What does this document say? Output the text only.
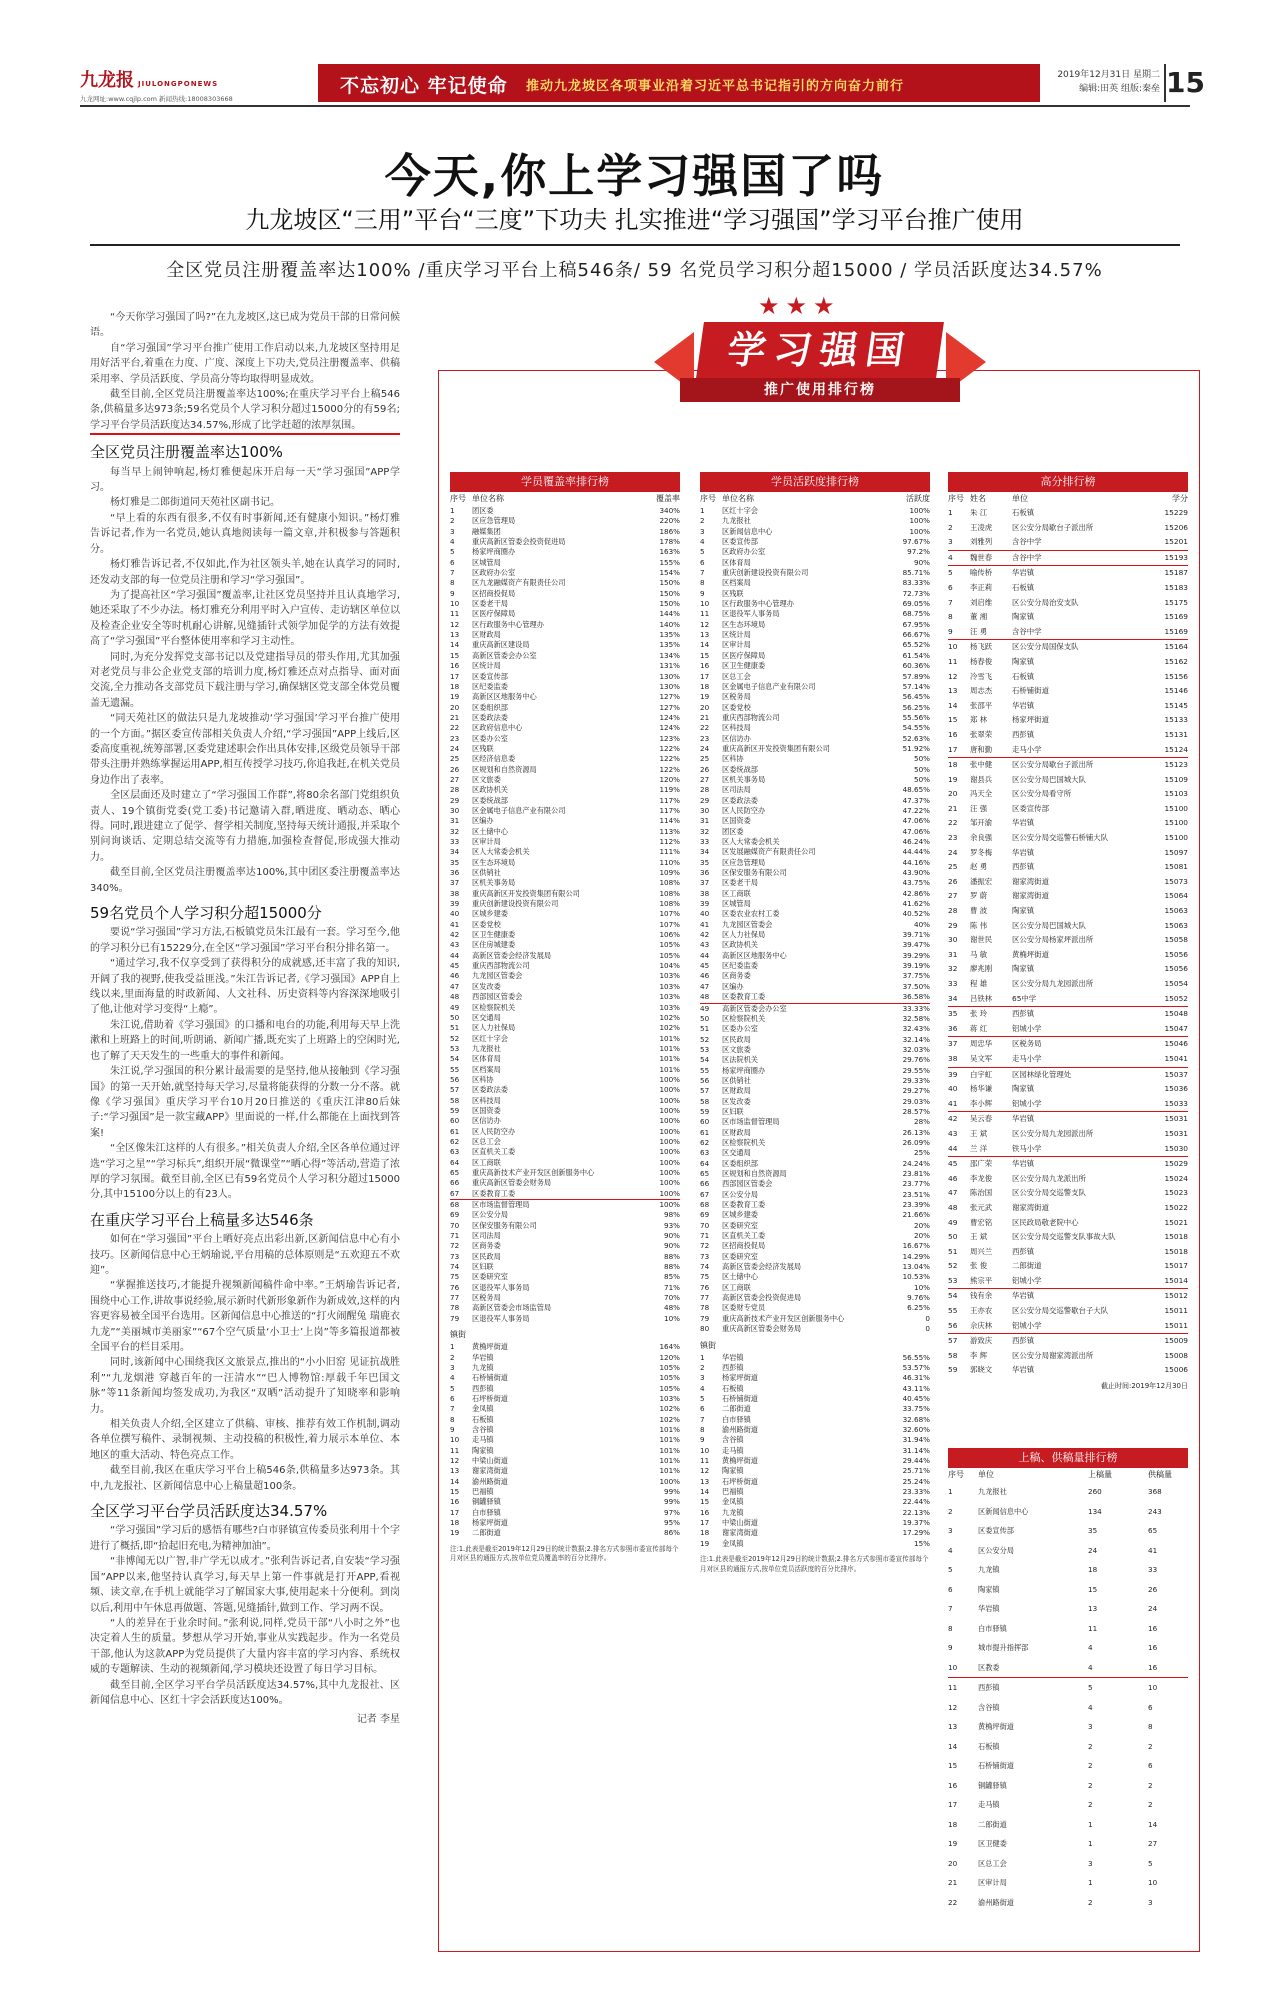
九龙报 JIULONGPONEWS
九龙网址:www.cqjlp.com 新闻热线:18008303668
不忘初心 牢记使命 推动九龙坡区各项事业沿着习近平总书记指引的方向奋力前行
2019年12月31日 星期二
编辑:田英 组版:秦垒 15
今天,你上学习强国了吗
九龙坡区“三用”平台“三度”下功夫 扎实推进“学习强国”学习平台推广使用
全区党员注册覆盖率达100% /重庆学习平台上稿546条/ 59 名党员学习积分超15000 / 学员活跃度达34.57%

“今天你学习强国了吗?”在九龙坡区,这已成为党员干部的日常问候语。

自“学习强国”学习平台推广使用工作启动以来,九龙坡区坚持用足用好活平台,着重在力度、广度、深度上下功夫,党员注册覆盖率、供稿采用率、学员活跃度、学员高分等均取得明显成效。

截至目前,全区党员注册覆盖率达100%;在重庆学习平台上稿546条,供稿量多达973条;59名党员个人学习积分超过15000分的有59名;学习平台学员活跃度达34.57%,形成了比学赶超的浓厚氛围。

全区党员注册覆盖率达100%

每当早上闹钟响起,杨灯雅便起床开启每一天“学习强国”APP学习。

杨灯雅是二郎街道同天苑社区副书记。

“早上看的东西有很多,不仅有时事新闻,还有健康小知识。”杨灯雅告诉记者,作为一名党员,她认真地阅读每一篇文章,并积极参与答题积分。

杨灯雅告诉记者,不仅如此,作为社区领头羊,她在认真学习的同时,还发动支部的每一位党员注册和学习“学习强国”。

为了提高社区“学习强国”覆盖率,让社区党员坚持并且认真地学习,她还采取了不少办法。杨灯雅充分利用平时入户宣传、走访辖区单位以及检查企业安全等时机耐心讲解,见缝插针式领学加促学的方法有效提高了“学习强国”平台整体使用率和学习主动性。

同时,为充分发挥党支部书记以及党建指导员的带头作用,尤其加强对老党员与非公企业党支部的培训力度,杨灯雅还点对点指导、面对面交流,全力推动各支部党员下载注册与学习,确保辖区党支部全体党员覆盖无遗漏。

“同天苑社区的做法只是九龙坡推动‘学习强国’学习平台推广使用的一个方面。”据区委宣传部相关负责人介绍,“学习强国”APP上线后,区委高度重视,统筹部署,区委党建述职会作出具体安排,区级党员领导干部带头注册并熟练掌握运用APP,相互传授学习技巧,你追我赶,在机关党员身边作出了表率。

全区层面还及时建立了“学习强国工作群”,将80余名部门党组织负责人、19个镇街党委(党工委)书记邀请入群,晒进度、晒动态、晒心得。同时,跟进建立了促学、督学相关制度,坚持每天统计通报,并采取个别问询谈话、定期总结交流等有力措施,加强检查督促,形成强大推动力。

截至目前,全区党员注册覆盖率达100%,其中团区委注册覆盖率达340%。

59名党员个人学习积分超15000分

要说“学习强国”学习方法,石板镇党员朱江最有一套。学习至今,他的学习积分已有15229分,在全区“学习强国”学习平台积分排名第一。

“通过学习,我不仅享受到了获得积分的成就感,还丰富了我的知识,开阔了我的视野,使我受益匪浅。”朱江告诉记者,《学习强国》APP自上线以来,里面海量的时政新闻、人文社科、历史资料等内容深深地吸引了他,让他对学习变得“上瘾”。

朱江说,借助着《学习强国》的口播和电台的功能,利用每天早上洗漱和上班路上的时间,听朗诵、新闻广播,既充实了上班路上的空闲时光,也了解了天天发生的一些重大的事件和新闻。

朱江说,学习强国的积分累计最需要的是坚持,他从接触到《学习强国》的第一天开始,就坚持每天学习,尽量将能获得的分数一分不落。就像《学习强国》重庆学习平台10月20日推送的《重庆江津80后妹子:“学习强国”是一款宝藏APP》里面说的一样,什么都能在上面找到答案!

“全区像朱江这样的人有很多。”相关负责人介绍,全区各单位通过评选“学习之星”“学习标兵”,组织开展“微课堂”“晒心得”等活动,营造了浓厚的学习氛围。截至目前,全区已有59名党员个人学习积分超过15000分,其中15100分以上的有23人。

在重庆学习平台上稿量多达546条

如何在“学习强国”平台上晒好亮点出彩出新,区新闻信息中心有小技巧。区新闻信息中心王炳瑜说,平台用稿的总体原则是“五欢迎五不欢迎”。

“掌握推送技巧,才能提升视频新闻稿件命中率。”王炳瑜告诉记者,围绕中心工作,讲故事说经验,展示新时代新形象新作为新成效,这样的内容更容易被全国平台选用。区新闻信息中心推送的“打火闹醒兔 瑞鹿衣九龙”“美丽城市美丽家”“67个空气质量‘小卫士’上岗”等多篇报道都被全国平台的栏目采用。

同时,该新闻中心围绕我区文旅景点,推出的“小小旧窑 见证抗战胜利”“九龙烟港 穿越百年的一汪清水”“巴人博物馆:厚载千年巴国文脉”等11条新闻均签发成功,为我区“双晒”活动提升了知晓率和影响力。

相关负责人介绍,全区建立了供稿、审核、推荐有效工作机制,调动各单位撰写稿件、录制视频、主动投稿的积极性,着力展示本单位、本地区的重大活动、特色亮点工作。

截至目前,我区在重庆学习平台上稿546条,供稿量多达973条。其中,九龙报社、区新闻信息中心上稿量超100条。

全区学习平台学员活跃度达34.57%

“学习强国”学习后的感悟有哪些?白市驿镇宣传委员张利用十个字进行了概括,即“拾起旧充电,为精神加油”。

“非博闻无以广智,非广学无以成才。”张利告诉记者,自安装“学习强国”APP以来,他坚持认真学习,每天早上第一件事就是打开APP,看视频、读文章,在手机上就能学习了解国家大事,使用起来十分便利。到岗以后,利用中午休息再做题、答题,见缝插针,做到工作、学习两不误。

“人的差异在于业余时间。”张利说,同样,党员干部“八小时之外”也决定着人生的质量。梦想从学习开始,事业从实践起步。作为一名党员干部,他认为这款APP为党员提供了大量内容丰富的学习内容、系统权威的专题解读、生动的视频新闻,学习模块还设置了每日学习目标。

截至目前,全区学习平台学员活跃度达34.57%,其中九龙报社、区新闻信息中心、区红十字会活跃度达100%。

记者 李星
★★★
学习强国
推广使用排行榜
学员覆盖率排行榜
序号 单位名称	覆盖率
1	团区委	340%
2	区应急管理局	220%
3	融媒集团	186%
4	重庆高新区管委会投资促进局	178%
5	杨家坪商圈办	163%
6	区城管局	155%
7	区政府办公室	154%
8	区九龙融媒资产有限责任公司	150%
9	区招商投促局	150%
10	区委老干局	150%
11	区医疗保障局	144%
12	区行政服务中心管理办	140%
13	区财政局	135%
14	重庆高新区建设局	135%
15	高新区管委会办公室	134%
16	区统计局	131%
17	区委宣传部	130%
18	区纪委监委	130%
19	高新区区地服务中心	127%
20	区委组织部	127%
21	区委政法委	124%
22	区政府信息中心	124%
23	区委办公室	123%
24	区残联	122%
25	区经济信息委	122%
26	区规划和自然资源局	122%
27	区文旅委	120%
28	区政协机关	119%
29	区委统战部	117%
30	区金属电子信息产业有限公司	117%
31	区编办	114%
32	区土储中心	113%
33	区审计局	112%
34	区人大常委会机关	111%
35	区生态环境局	110%
36	区供销社	109%
37	区机关事务局	108%
38	重庆高新区开发投资集团有限公司	108%
39	重庆创新建设投资有限公司	108%
40	区城乡建委	107%
41	区委党校	107%
42	区卫生健康委	106%
43	区住房城建委	105%
44	高新区管委会经济发展局	105%
45	重庆西部物流公司	104%
46	九龙园区管委会	103%
47	区发改委	103%
48	西部园区管委会	103%
49	区检察院机关	103%
50	区交通局	102%
51	区人力社保局	102%
52	区红十字会	101%
53	九龙报社	101%
54	区体育局	101%
55	区档案局	101%
56	区科协	100%
57	区委政法委	100%
58	区科技局	100%
59	区国资委	100%
60	区信访办	100%
61	区人民防空办	100%
62	区总工会	100%
63	区直机关工委	100%
64	区工商联	100%
65	重庆高新技术产业开发区创新服务中心	100%
66	重庆高新区管委会财务局	100%
67	区委教育工委	100%
68	区市场监督管理局	100%
69	区公安分局	98%
70	区保安服务有限公司	93%
71	区司法局	90%
72	区商务委	90%
73	区民政局	88%
74	区妇联	88%
75	区委研究室	85%
76	区退役军人事务局	71%
77	区税务局	70%
78	高新区管委会市场监管局	48%
79	区退役军人事务局	10%
镇街
1	黄桷坪街道	164%
2	华岩镇	120%
3	九龙镇	105%
4	石桥铺街道	105%
5	西彭镇	105%
6	石坪桥街道	103%
7	金凤镇	102%
8	石板镇	102%
9	含谷镇	101%
10	走马镇	101%
11	陶家镇	101%
12	中梁山街道	101%
13	谢家湾街道	101%
14	渝州路街道	100%
15	巴福镇	99%
16	铜罐驿镇	99%
17	白市驿镇	97%
18	杨家坪街道	95%
19	二郎街道	86%
注:1.此表是截至2019年12月29日的统计数据;2.排名方式参照市委宣传部每个月对区县的通报方式,按单位党员覆盖率的百分比排序。
学员活跃度排行榜
序号 单位名称	活跃度
1	区红十字会	100%
2	九龙报社	100%
3	区新闻信息中心	100%
4	区委宣传部	97.67%
5	区政府办公室	97.2%
6	区体育局	90%
7	重庆创新建设投资有限公司	85.71%
8	区档案局	83.33%
9	区残联	72.73%
10	区行政服务中心管理办	69.05%
11	区退役军人事务局	68.75%
12	区生态环境局	67.95%
13	区统计局	66.67%
14	区审计局	65.52%
15	区医疗保障局	61.54%
16	区卫生健康委	60.36%
17	区总工会	57.89%
18	区金属电子信息产业有限公司	57.14%
19	区税务局	56.45%
20	区委党校	56.25%
21	重庆西部物流公司	55.56%
22	区科技局	54.55%
23	区信访办	52.63%
24	重庆高新区开发投资集团有限公司	51.92%
25	区科协	50%
26	区委统战部	50%
27	区机关事务局	50%
28	区司法局	48.65%
29	区委政法委	47.37%
30	区人民防空办	47.22%
31	区国资委	47.06%
32	团区委	47.06%
33	区人大常委会机关	46.24%
34	区发展融媒资产有限责任公司	44.44%
35	区应急管理局	44.16%
36	区保安服务有限公司	43.90%
37	区委老干局	43.75%
38	区工商联	42.86%
39	区城管局	41.62%
40	区委农业农村工委	40.52%
41	九龙园区管委会	40%
42	区人力社保局	39.71%
43	区政协机关	39.47%
44	高新区区地服务中心	39.29%
45	区纪委监委	39.19%
46	区商务委	37.75%
47	区编办	37.50%
48	区委教育工委	36.58%
49	高新区管委会办公室	33.33%
50	区检察院机关	32.58%
51	区委办公室	32.43%
52	区民政局	32.14%
53	区文旅委	32.03%
54	区法院机关	29.76%
55	杨家坪商圈办	29.55%
56	区供销社	29.33%
57	区财政局	29.27%
58	区发改委	29.03%
59	区妇联	28.57%
60	区市场监督管理局	28%
61	区财政局	26.13%
62	区检察院机关	26.09%
63	区交通局	25%
64	区委组织部	24.24%
65	区规划和自然资源局	23.81%
66	西部园区管委会	23.77%
67	区公安分局	23.51%
68	区委教育工委	23.39%
69	区城乡建委	21.66%
70	区委研究室	20%
71	区直机关工委	20%
72	区招商投促局	16.67%
73	区委研究室	14.29%
74	高新区管委会经济发展局	13.04%
75	区土储中心	10.53%
76	区工商联	10%
77	高新区管委会投资促进局	9.76%
78	区委财专党员	6.25%
79	重庆高新技术产业开发区创新服务中心	0
80	重庆高新区管委会财务局	0
镇街
1	华岩镇	56.55%
2	西彭镇	53.57%
3	杨家坪街道	46.31%
4	石板镇	43.11%
5	石桥铺街道	40.45%
6	二郎街道	33.75%
7	白市驿镇	32.68%
8	渝州路街道	32.60%
9	含谷镇	31.94%
10	走马镇	31.14%
11	黄桷坪街道	29.44%
12	陶家镇	25.71%
13	石坪桥街道	25.24%
14	巴福镇	23.33%
15	金凤镇	22.44%
16	九龙镇	22.13%
17	中梁山街道	19.37%
18	谢家湾街道	17.29%
19	金凤镇	15%
注:1.此表是截至2019年12月29日的统计数据;2.排名方式参照市委宣传部每个月对区县的通报方式,按单位党员活跃度的百分比排序。
高分排行榜
序号 姓名	单位	学分
1	朱 江	石板镇	15229
2	王凌虎	区公安分局歇台子派出所	15206
3	刘雅列	含谷中学	15201
4	魏世春	含谷中学	15193
5	喻传桥	华岩镇	15187
6	李正莉	石板镇	15183
7	刘启维	区公安分局治安支队	15175
8	董 湘	陶家镇	15169
9	汪 勇	含谷中学	15169
10	杨飞跃	区公安分局国保支队	15164
11	杨春俊	陶家镇	15162
12	冷雪飞	石板镇	15156
13	周志杰	石桥铺街道	15146
14	张邵平	华岩镇	15145
15	郑 林	杨家坪街道	15133
16	张翠荣	西彭镇	15131
17	唐和勤	走马小学	15124
18	张中健	区公安分局歇台子派出所	15123
19	谢县兵	区公安分局巴国城大队	15109
20	冯天全	区公安分局看守所	15103
21	汪 强	区委宣传部	15100
22	邹开渝	华岩镇	15100
23	余良强	区公安分局交巡警石桥铺大队	15100
24	罗冬梅	华岩镇	15097
25	赵 勇	西彭镇	15081
26	潘振宏	谢家湾街道	15073
27	罗 蔚	谢家湾街道	15064
28	曹 波	陶家镇	15063
29	陈 伟	区公安分局巴国城大队	15063
30	谢世民	区公安分局杨家坪派出所	15058
31	马 敏	黄桷坪街道	15056
32	廖兆刚	陶家镇	15056
33	程 雄	区公安分局九龙园派出所	15054
34	吕铁林	65中学	15052
35	张 玲	西彭镇	15048
36	蒋 红	铝城小学	15047
37	周忠华	区税务局	15046
38	吴文军	走马小学	15041
39	白宇虹	区园林绿化管理处	15037
40	杨华谦	陶家镇	15036
41	李小辉	铝城小学	15033
42	吴云春	华岩镇	15031
43	王 斌	区公安分局九龙园派出所	15031
44	兰 洋	铁马小学	15030
45	邵广荣	华岩镇	15029
46	李龙俊	区公安分局九龙派出所	15024
47	陈治国	区公安分局交巡警支队	15023
48	张元武	谢家湾街道	15022
49	曹宏铭	区民政局敬老院中心	15021
50	王 斌	区公安分局交巡警支队事故大队	15018
51	周兴兰	西彭镇	15018
52	张 俊	二郎街道	15017
53	熊宗平	铝城小学	15014
54	钱有余	华岩镇	15012
55	王亦农	区公安分局交巡警歇台子大队	15011
56	佘庆林	铝城小学	15011
57	游致庆	西彭镇	15009
58	李 辉	区公安分局谢家湾派出所	15008
59	郭晓文	华岩镇	15006
截止时间:2019年12月30日
上稿、供稿量排行榜
序号	单位	上稿量	供稿量
1	九龙报社	260	368
2	区新闻信息中心	134	243
3	区委宣传部	35	65
4	区公安分局	24	41
5	九龙镇	18	33
6	陶家镇	15	26
7	华岩镇	13	24
8	白市驿镇	11	16
9	城市提升指挥部	4	16
10	区教委	4	16
11	西彭镇	5	10
12	含谷镇	4	6
13	黄桷坪街道	3	8
14	石板镇	2	2
15	石桥铺街道	2	6
16	铜罐驿镇	2	2
17	走马镇	2	2
18	二郎街道	1	14
19	区卫健委	1	27
20	区总工会	3	5
21	区审计局	1	10
22	渝州路街道	2	3
